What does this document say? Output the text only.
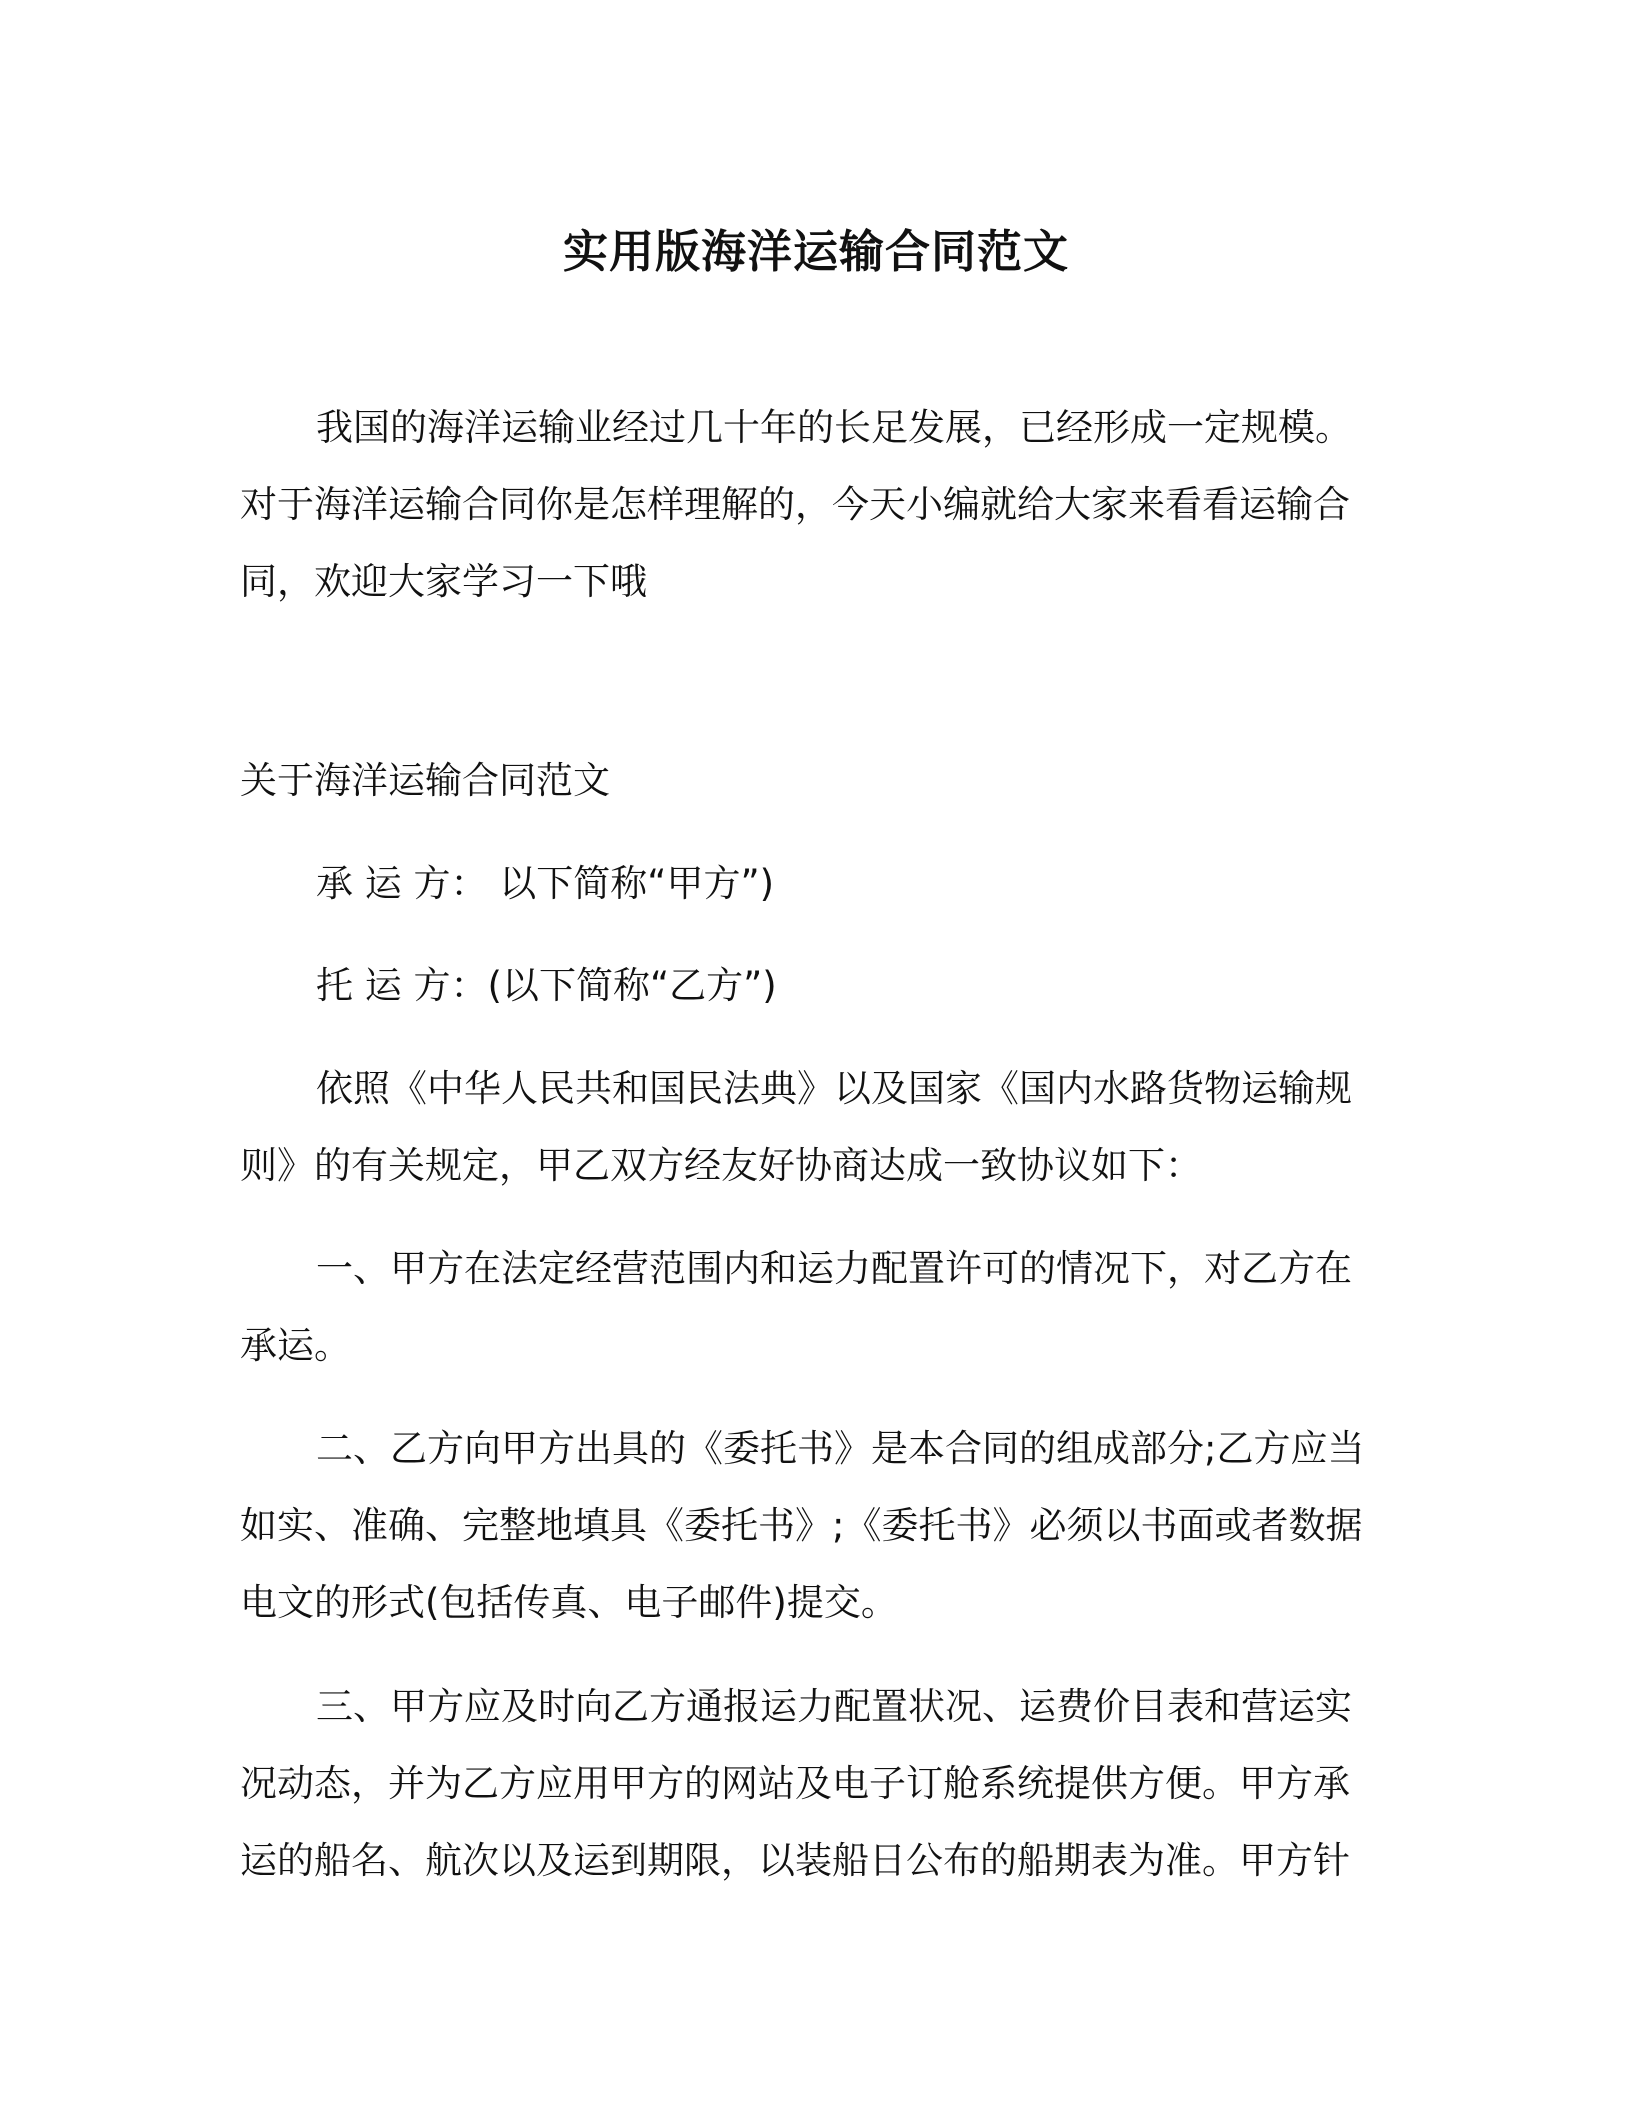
实用版海洋运输合同范文

我国的海洋运输业经过几十年的长足发展，已经形成一定规模。对于海洋运输合同你是怎样理解的，今天小编就给大家来看看运输合同，欢迎大家学习一下哦

关于海洋运输合同范文

承 运 方： 以下简称“甲方”)

托 运 方：(以下简称“乙方”)

依照《中华人民共和国民法典》以及国家《国内水路货物运输规则》的有关规定，甲乙双方经友好协商达成一致协议如下：

一、甲方在法定经营范围内和运力配置许可的情况下，对乙方在承运。

二、乙方向甲方出具的《委托书》是本合同的组成部分;乙方应当如实、准确、完整地填具《委托书》;《委托书》必须以书面或者数据电文的形式(包括传真、电子邮件)提交。

三、甲方应及时向乙方通报运力配置状况、运费价目表和营运实况动态，并为乙方应用甲方的网站及电子订舱系统提供方便。甲方承运的船名、航次以及运到期限，以装船日公布的船期表为准。甲方针
